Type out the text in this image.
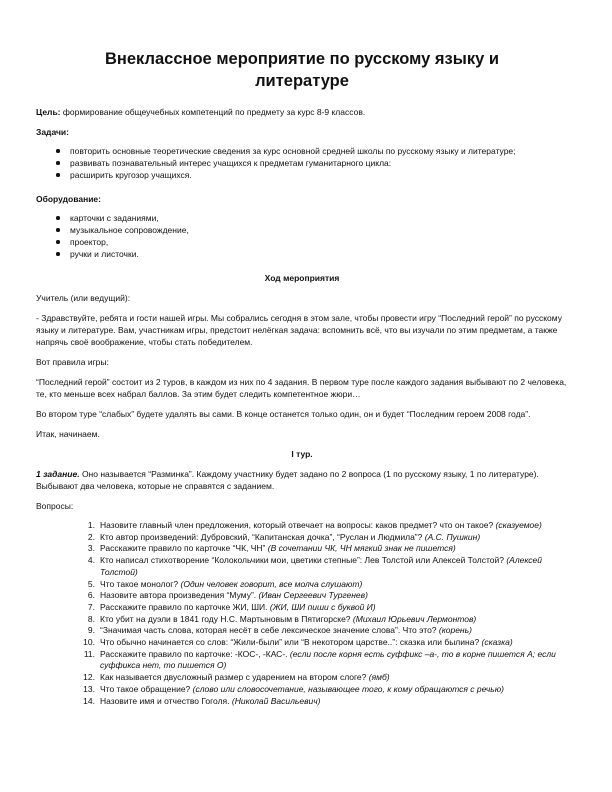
Внеклассное мероприятие по русскому языку и литературе

Цель: формирование общеучебных компетенций по предмету за курс 8-9 классов.

Задачи:
повторить основные теоретические сведения за курс основной средней школы по русскому языку и литературе;
развивать познавательный интерес учащихся к предметам гуманитарного цикла:
расширить кругозор учащихся.
Оборудование:
карточки с заданиями,
музыкальное сопровождение,
проектор,
ручки и листочки.
Ход мероприятия

Учитель (или ведущий):

- Здравствуйте, ребята и гости нашей игры. Мы собрались сегодня в этом зале, чтобы провести игру “Последний герой” по русскому языку и литературе. Вам, участникам игры, предстоит нелёгкая задача: вспомнить всё, что вы изучали по этим предметам, а также напрячь своё воображение, чтобы стать победителем.

Вот правила игры:

“Последний герой” состоит из 2 туров, в каждом из них по 4 задания. В первом туре после каждого задания выбывают по 2 человека, те, кто меньше всех набрал баллов. За этим будет следить компетентное жюри…

Во втором туре “слабых” будете удалять вы сами. В конце останется только один, он и будет “Последним героем 2008 года”.

Итак, начинаем.

I тур.

1 задание. Оно называется “Разминка”. Каждому участнику будет задано по 2 вопроса (1 по русскому языку, 1 по литературе). Выбывают два человека, которые не справятся с заданием.

Вопросы:

1. Назовите главный член предложения, который отвечает на вопросы: каков предмет? что он такое? (сказуемое)
2. Кто автор произведений: Дубровский, “Капитанская дочка”, “Руслан и Людмила”? (А.С. Пушкин)
3. Расскажите правило по карточке “ЧК, ЧН” (В сочетании ЧК, ЧН мягкий знак не пишется)
4. Кто написал стихотворение “Колокольчики мои, цветики степные”: Лев Толстой или Алексей Толстой? (Алексей Толстой)
5. Что такое монолог? (Один человек говорит, все молча слушают)
6. Назовите автора произведения “Муму”. (Иван Сергеевич Тургенев)
7. Расскажите правило по карточке ЖИ, ШИ. (ЖИ, ШИ пиши с буквой И)
8. Кто убит на дуэли в 1841 году Н.С. Мартыновым в Пятигорске? (Михаил Юрьевич Лермонтов)
9. “Значимая часть слова, которая несёт в себе лексическое значение слова”. Что это? (корень)
10. Что обычно начинается со слов: “Жили-были” или “В некотором царстве..”: сказка или былина? (сказка)
11. Расскажите правило по карточке: -КОС-, -КАС-. (если после корня есть суффикс –а-, то в корне пишется А; если суффикса нет, то пишется О)
12. Как называется двусложный размер с ударением на втором слоге? (ямб)
13. Что такое обращение? (слово или словосочетание, называющее того, к кому обращаются с речью)
14. Назовите имя и отчество Гоголя. (Николай Васильевич)
